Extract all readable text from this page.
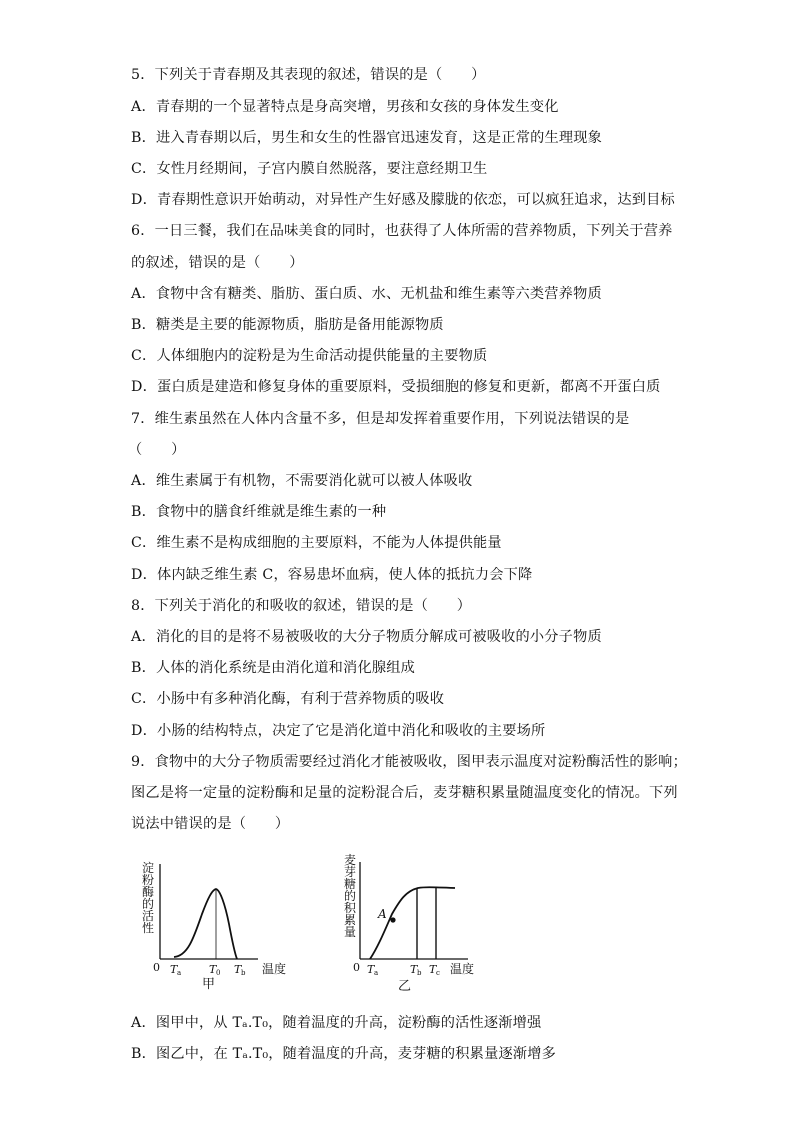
5．下列关于青春期及其表现的叙述，错误的是（　　）
A．青春期的一个显著特点是身高突增，男孩和女孩的身体发生变化
B．进入青春期以后，男生和女生的性器官迅速发育，这是正常的生理现象
C．女性月经期间，子宫内膜自然脱落，要注意经期卫生
D．青春期性意识开始萌动，对异性产生好感及朦胧的依恋，可以疯狂追求，达到目标
6．一日三餐，我们在品味美食的同时，也获得了人体所需的营养物质，下列关于营养
的叙述，错误的是（　　）
A．食物中含有糖类、脂肪、蛋白质、水、无机盐和维生素等六类营养物质
B．糖类是主要的能源物质，脂肪是备用能源物质
C．人体细胞内的淀粉是为生命活动提供能量的主要物质
D．蛋白质是建造和修复身体的重要原料，受损细胞的修复和更新，都离不开蛋白质
7．维生素虽然在人体内含量不多，但是却发挥着重要作用，下列说法错误的是
（　　）
A．维生素属于有机物，不需要消化就可以被人体吸收
B．食物中的膳食纤维就是维生素的一种
C．维生素不是构成细胞的主要原料，不能为人体提供能量
D．体内缺乏维生素 C，容易患坏血病，使人体的抵抗力会下降
8．下列关于消化的和吸收的叙述，错误的是（　　）
A．消化的目的是将不易被吸收的大分子物质分解成可被吸收的小分子物质
B．人体的消化系统是由消化道和消化腺组成
C．小肠中有多种消化酶，有利于营养物质的吸收
D．小肠的结构特点，决定了它是消化道中消化和吸收的主要场所
9．食物中的大分子物质需要经过消化才能被吸收，图甲表示温度对淀粉酶活性的影响；
图乙是将一定量的淀粉酶和足量的淀粉混合后，麦芽糖积累量随温度变化的情况。下列
说法中错误的是（　　）
淀
粉
酶
的
活
性
0 T a	T 0 T b 温度
甲
麦
芽
糖
的
积
累
量
A
0 T a	T b T c 温度
乙
A．图甲中，从 Tₐ.T₀，随着温度的升高，淀粉酶的活性逐渐增强
B．图乙中，在 Tₐ.T₀，随着温度的升高，麦芽糖的积累量逐渐增多
